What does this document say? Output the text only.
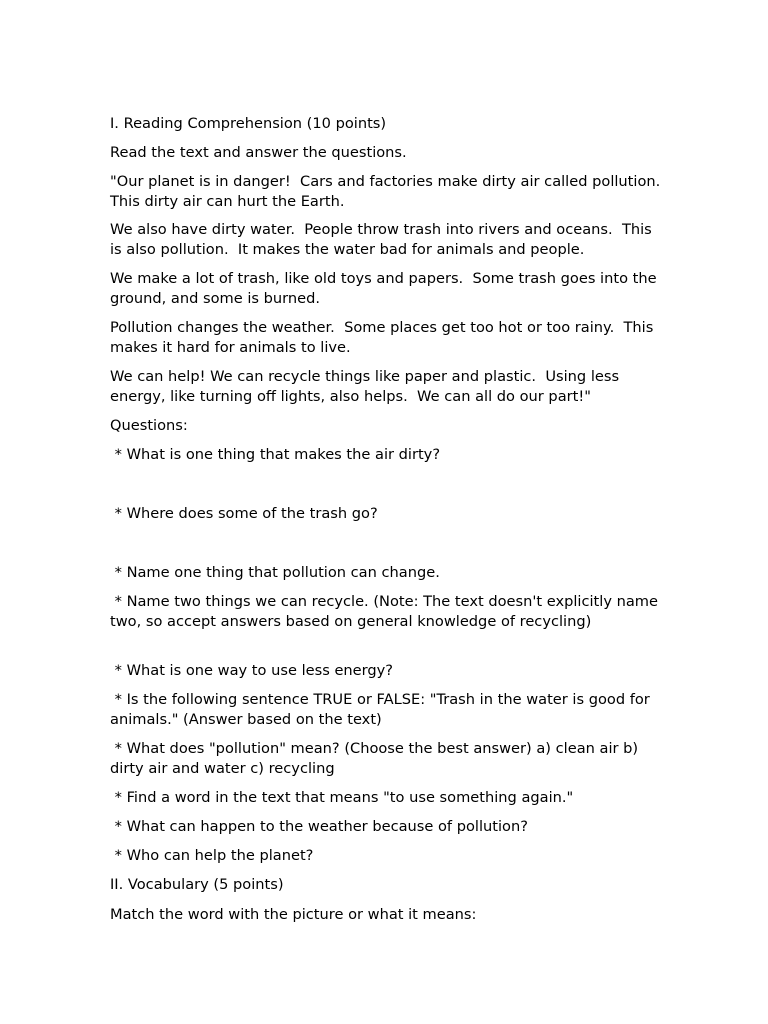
I. Reading Comprehension (10 points)

Read the text and answer the questions.

"Our planet is in danger!  Cars and factories make dirty air called pollution. This dirty air can hurt the Earth.

We also have dirty water.  People throw trash into rivers and oceans.  This is also pollution.  It makes the water bad for animals and people.

We make a lot of trash, like old toys and papers.  Some trash goes into the ground, and some is burned.

Pollution changes the weather.  Some places get too hot or too rainy.  This makes it hard for animals to live.

We can help! We can recycle things like paper and plastic.  Using less energy, like turning off lights, also helps.  We can all do our part!"

Questions:

* What is one thing that makes the air dirty?

* Where does some of the trash go?

* Name one thing that pollution can change.

* Name two things we can recycle. (Note: The text doesn't explicitly name two, so accept answers based on general knowledge of recycling)

* What is one way to use less energy?

* Is the following sentence TRUE or FALSE: "Trash in the water is good for animals." (Answer based on the text)

* What does "pollution" mean? (Choose the best answer) a) clean air b) dirty air and water c) recycling

* Find a word in the text that means "to use something again."

* What can happen to the weather because of pollution?

* Who can help the planet?

II. Vocabulary (5 points)

Match the word with the picture or what it means:
